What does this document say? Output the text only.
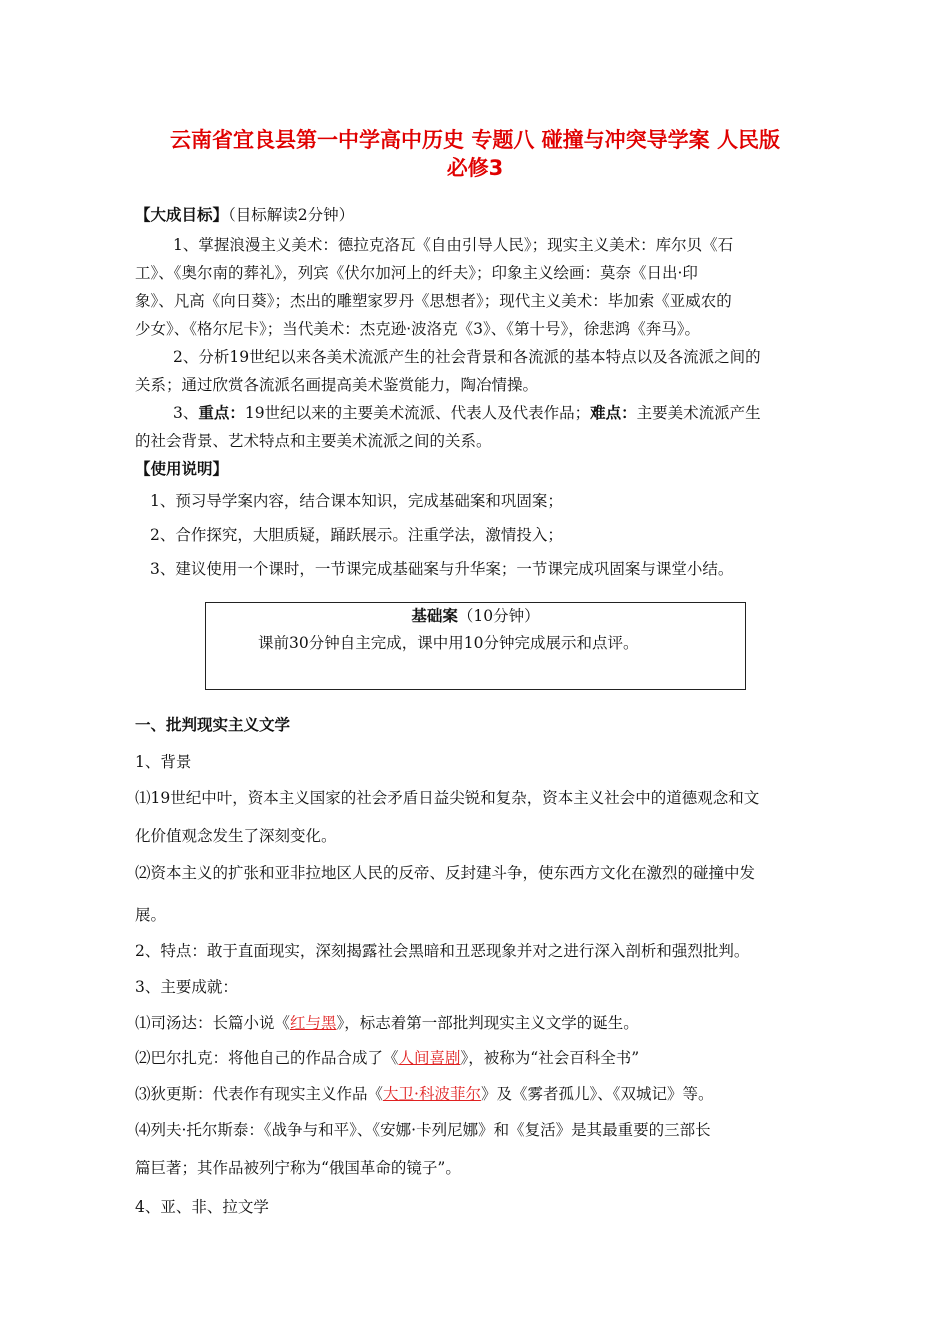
云南省宜良县第一中学高中历史 专题八 碰撞与冲突导学案 人民版
必修3
【大成目标】（目标解读2分钟）
1、掌握浪漫主义美术：德拉克洛瓦《自由引导人民》；现实主义美术：库尔贝《石
工》、《奥尔南的葬礼》，列宾《伏尔加河上的纤夫》；印象主义绘画：莫奈《日出·印
象》、凡高《向日葵》；杰出的雕塑家罗丹《思想者》；现代主义美术：毕加索《亚威农的
少女》、《格尔尼卡》；当代美术：杰克逊·波洛克《3》、《第十号》，徐悲鸿《奔马》。
2、分析19世纪以来各美术流派产生的社会背景和各流派的基本特点以及各流派之间的
关系；通过欣赏各流派名画提高美术鉴赏能力，陶冶情操。
3、重点：19世纪以来的主要美术流派、代表人及代表作品；难点：主要美术流派产生
的社会背景、艺术特点和主要美术流派之间的关系。
【使用说明】
1、预习导学案内容，结合课本知识，完成基础案和巩固案；
2、合作探究，大胆质疑，踊跃展示。注重学法，激情投入；
3、建议使用一个课时，一节课完成基础案与升华案；一节课完成巩固案与课堂小结。
基础案（10分钟）
课前30分钟自主完成，课中用10分钟完成展示和点评。
一、批判现实主义文学
1、背景
⑴19世纪中叶，资本主义国家的社会矛盾日益尖锐和复杂，资本主义社会中的道德观念和文
化价值观念发生了深刻变化。
⑵资本主义的扩张和亚非拉地区人民的反帝、反封建斗争，使东西方文化在激烈的碰撞中发
展。
2、特点：敢于直面现实，深刻揭露社会黑暗和丑恶现象并对之进行深入剖析和强烈批判。
3、主要成就：
⑴司汤达：长篇小说《红与黑》，标志着第一部批判现实主义文学的诞生。
⑵巴尔扎克：将他自己的作品合成了《人间喜剧》，被称为“社会百科全书”
⑶狄更斯：代表作有现实主义作品《大卫·科波菲尔》及《雾者孤儿》、《双城记》等。
⑷列夫·托尔斯泰：《战争与和平》、《安娜·卡列尼娜》和《复活》是其最重要的三部长
篇巨著；其作品被列宁称为“俄国革命的镜子”。
4、亚、非、拉文学
